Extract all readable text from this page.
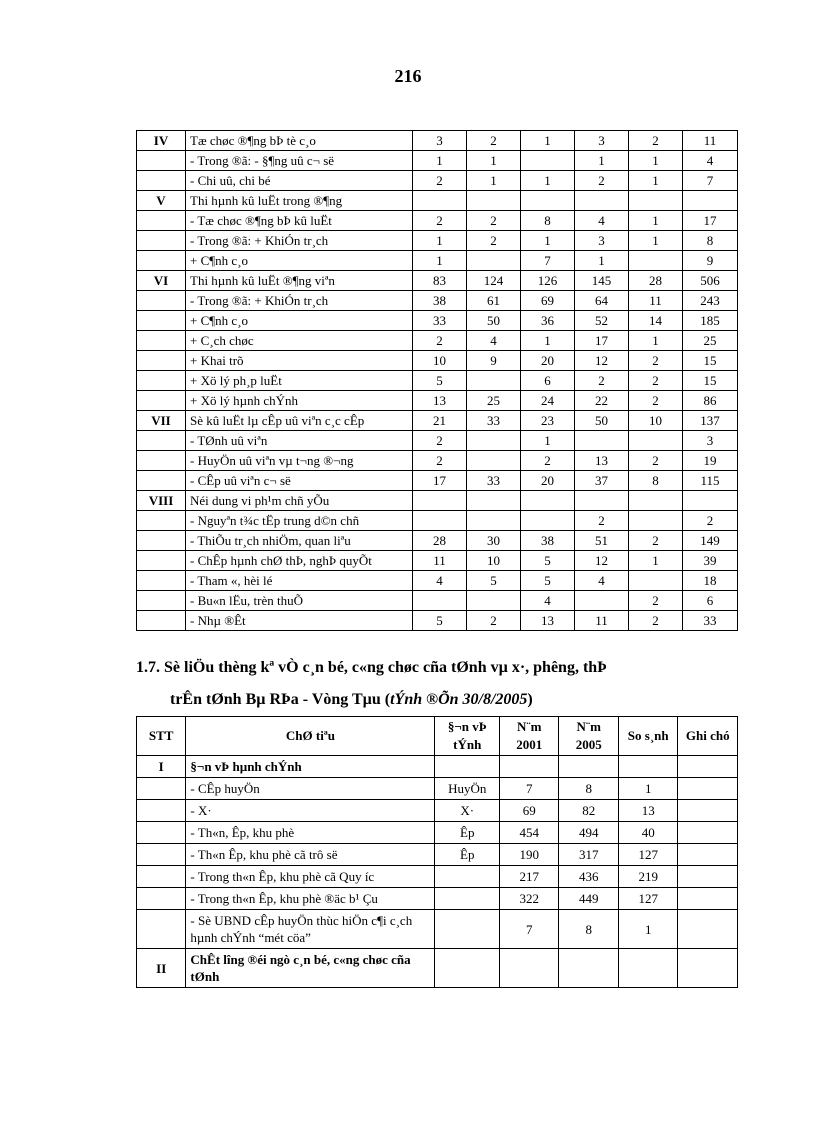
216
IV	Tæ chøc ®¶ng bÞ tè c¸o	3	2	1	3	2	11
	- Trong ®ã: - §¶ng uû c¬ së	1	1		1	1	4
	- Chi uû, chi bé	2	1	1	2	1	7
V	Thi hµnh kû luËt trong ®¶ng						
	- Tæ chøc ®¶ng bÞ kû luËt	2	2	8	4	1	17
	- Trong ®ã: + KhiÓn tr¸ch	1	2	1	3	1	8
	+ C¶nh c¸o	1		7	1		9
VI	Thi hµnh kû luËt ®¶ng viªn	83	124	126	145	28	506
	- Trong ®ã: + KhiÓn tr¸ch	38	61	69	64	11	243
	+ C¶nh c¸o	33	50	36	52	14	185
	+ C¸ch chøc	2	4	1	17	1	25
	+ Khai trõ	10	9	20	12	2	15
	+ Xö lý ph¸p luËt	5		6	2	2	15
	+ Xö lý hµnh chÝnh	13	25	24	22	2	86
VII	Sè kû luËt lµ cÊp uû viªn c¸c cÊp	21	33	23	50	10	137
	- TØnh uû viªn	2		1			3
	- HuyÖn uû viªn vµ t¬ng ®¬ng	2		2	13	2	19
	- CÊp uû viªn c¬ së	17	33	20	37	8	115
VIII	Néi dung vi ph¹m chñ yÕu						
	- Nguyªn t¾c tËp trung d©n chñ				2		2
	- ThiÕu tr¸ch nhiÖm, quan liªu	28	30	38	51	2	149
	- ChÊp hµnh chØ thÞ, nghÞ quyÕt	11	10	5	12	1	39
	- Tham «, hèi lé	4	5	5	4		18
	- Bu«n lËu, trèn thuÕ			4		2	6
	- Nhµ ®Êt	5	2	13	11	2	33
1.7. Sè liÖu thèng kª vÒ c¸n bé, c«ng chøc cña tØnh vµ x·, phêng, thÞ
trÊn tØnh Bµ RÞa - Vòng Tµu (tÝnh ®Õn 30/8/2005)
STT	ChØ tiªu	§¬n vÞ tÝnh	N¨m 2001	N¨m 2005	So s¸nh	Ghi chó
I	§¬n vÞ hµnh chÝnh					
	- CÊp huyÖn	HuyÖn	7	8	1	
	- X·	X·	69	82	13	
	- Th«n, Êp, khu phè	Êp	454	494	40	
	- Th«n Êp, khu phè cã trô së	Êp	190	317	127	
	- Trong th«n Êp, khu phè cã Quy íc		217	436	219	
	- Trong th«n Êp, khu phè ®äc b¹ Çu		322	449	127	
	- Sè UBND cÊp huyÖn thùc hiÖn c¶i c¸ch hµnh chÝnh “mét cöa”		7	8	1	
II	ChÊt lîng ®éi ngò c¸n bé, c«ng chøc cña tØnh					
